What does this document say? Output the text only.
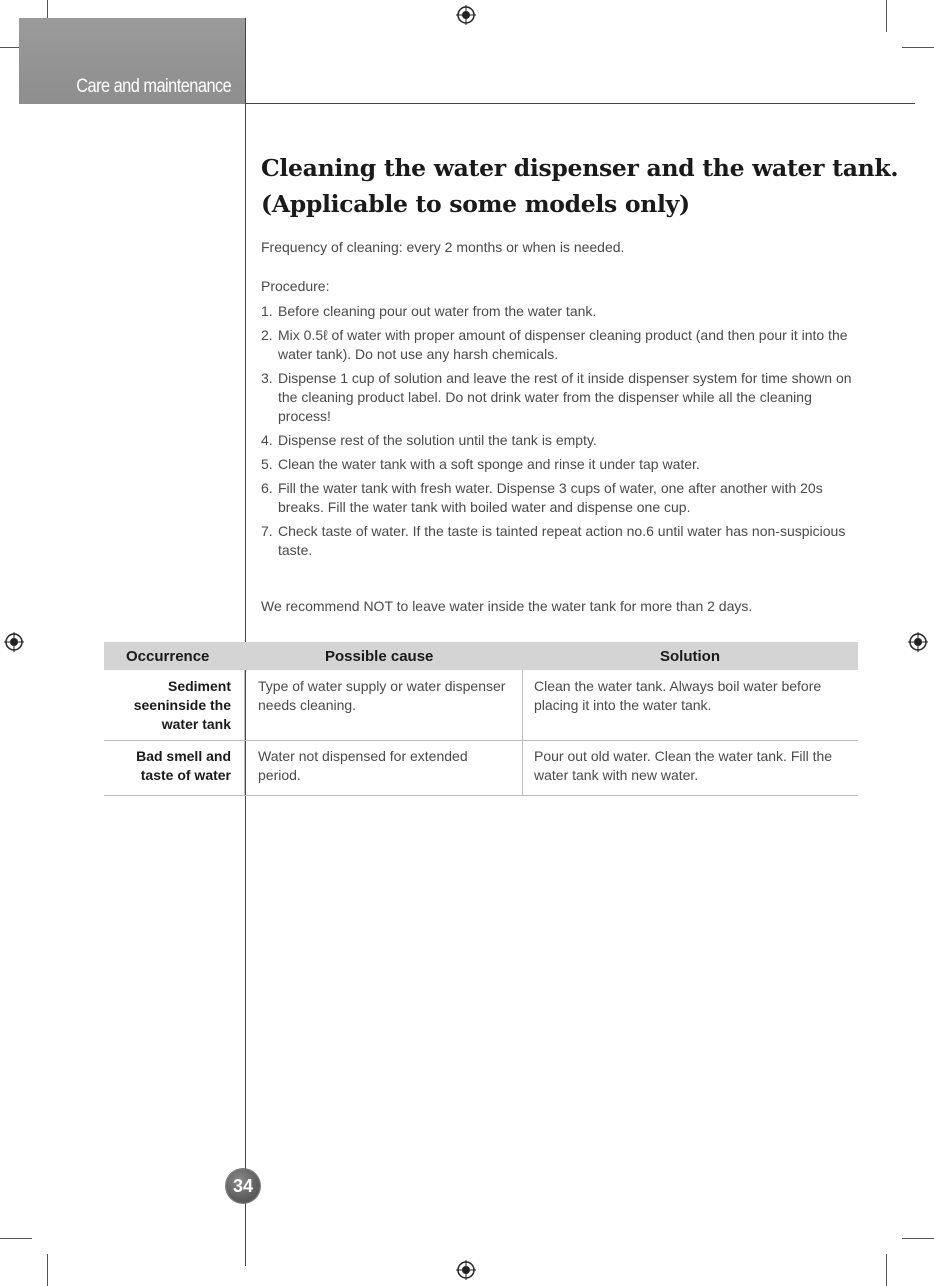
Care and maintenance
Cleaning the water dispenser and the water tank.
(Applicable to some models only)
Frequency of cleaning: every 2 months or when is needed.
Procedure:
1. Before cleaning pour out water from the water tank.
2. Mix 0.5ℓ of water with proper amount of dispenser cleaning product (and then pour it into the water tank). Do not use any harsh chemicals.
3. Dispense 1 cup of solution and leave the rest of it inside dispenser system for time shown on the cleaning product label. Do not drink water from the dispenser while all the cleaning process!
4. Dispense rest of the solution until the tank is empty.
5. Clean the water tank with a soft sponge and rinse it under tap water.
6. Fill the water tank with fresh water. Dispense 3 cups of water, one after another with 20s breaks. Fill the water tank with boiled water and dispense one cup.
7. Check taste of water. If the taste is tainted repeat action no.6 until water has non-suspicious taste.
We recommend NOT to leave water inside the water tank for more than 2 days.
Occurrence	Possible cause	Solution
Sediment
seeninside the
water tank
Type of water supply or water dispenser needs cleaning.
Clean the water tank. Always boil water before placing it into the water tank.
Bad smell and
taste of water
Water not dispensed for extended period.
Pour out old water. Clean the water tank. Fill the water tank with new water.
34
